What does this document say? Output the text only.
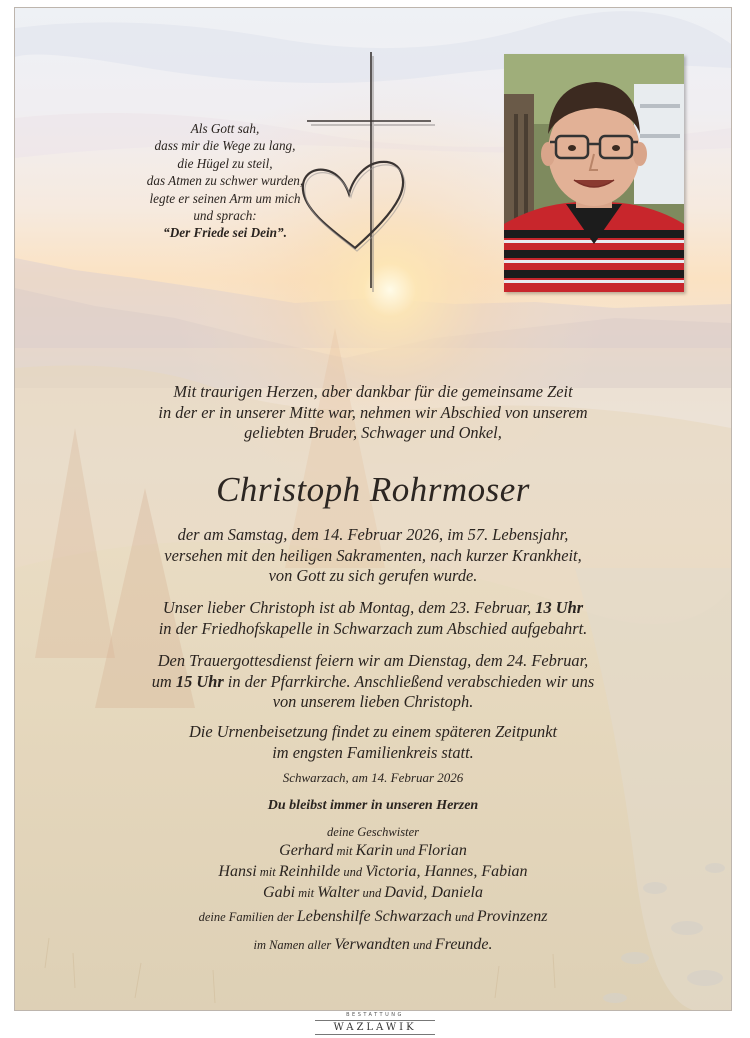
Als Gott sah,
dass mir die Wege zu lang,
die Hügel zu steil,
das Atmen zu schwer wurden,
legte er seinen Arm um mich
und sprach:
“Der Friede sei Dein”.
Mit traurigen Herzen, aber dankbar für die gemeinsame Zeit
in der er in unserer Mitte war, nehmen wir Abschied von unserem
geliebten Bruder, Schwager und Onkel,
Christoph Rohrmoser
der am Samstag, dem 14. Februar 2026, im 57. Lebensjahr,
versehen mit den heiligen Sakramenten, nach kurzer Krankheit,
von Gott zu sich gerufen wurde.
Unser lieber Christoph ist ab Montag, dem 23. Februar, 13 Uhr
in der Friedhofskapelle in Schwarzach zum Abschied aufgebahrt.
Den Trauergottesdienst feiern wir am Dienstag, dem 24. Februar,
um 15 Uhr in der Pfarrkirche. Anschließend verabschieden wir uns
von unserem lieben Christoph.
Die Urnenbeisetzung findet zu einem späteren Zeitpunkt
im engsten Familienkreis statt.
Schwarzach, am 14. Februar 2026
Du bleibst immer in unseren Herzen
deine Geschwister
Gerhard mit Karin und Florian
Hansi mit Reinhilde und Victoria, Hannes, Fabian
Gabi mit Walter und David, Daniela
deine Familien der Lebenshilfe Schwarzach und Provinzenz
im Namen aller Verwandten und Freunde.
BESTATTUNG
WAZLAWIK
